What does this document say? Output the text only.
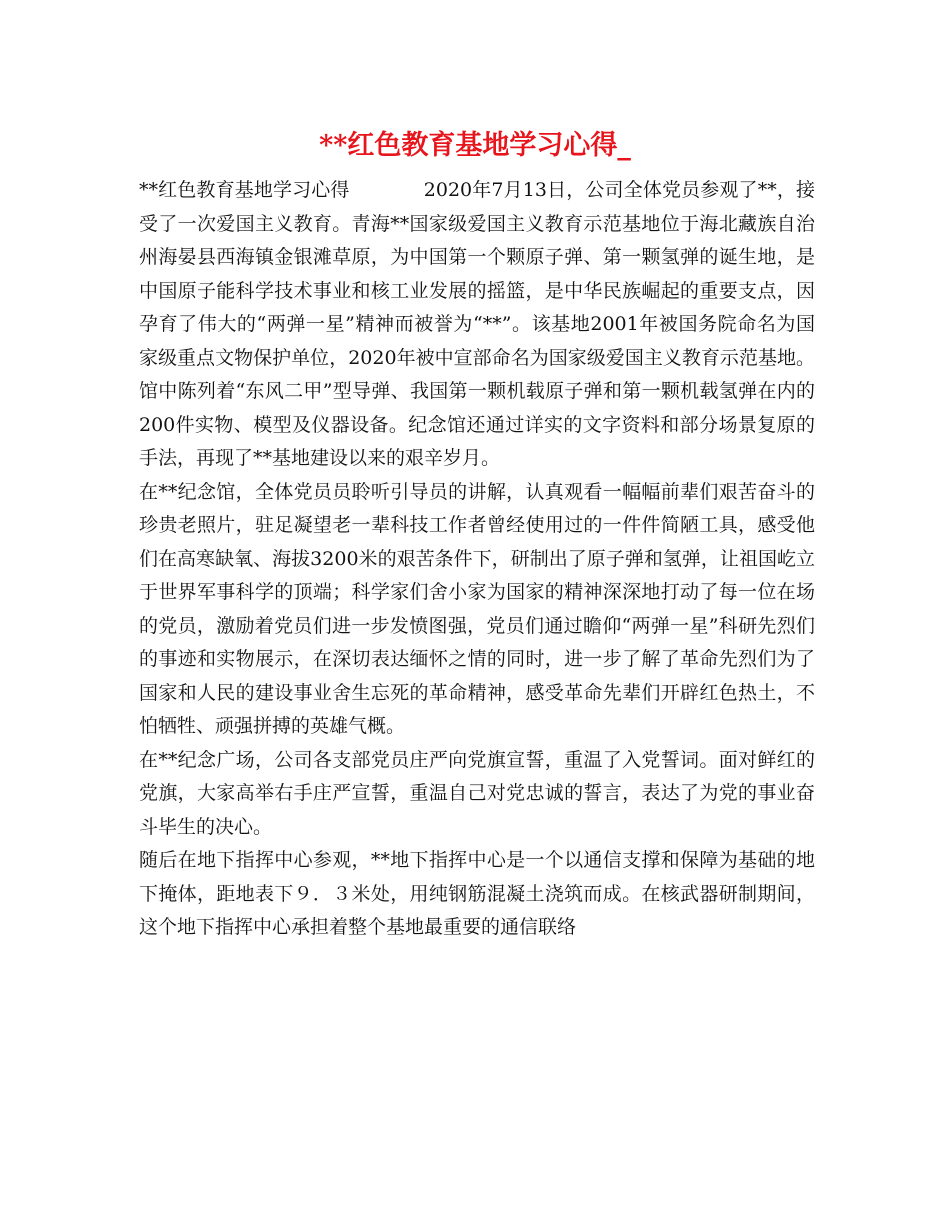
**红色教育基地学习心得_

**红色教育基地学习心得            2020年7月13日，公司全体党员参观了**，接受了一次爱国主义教育。青海**国家级爱国主义教育示范基地位于海北藏族自治州海晏县西海镇金银滩草原，为中国第一个颗原子弹、第一颗氢弹的诞生地，是中国原子能科学技术事业和核工业发展的摇篮，是中华民族崛起的重要支点，因孕育了伟大的“两弹一星”精神而被誉为“**”。该基地2001年被国务院命名为国家级重点文物保护单位，2020年被中宣部命名为国家级爱国主义教育示范基地。馆中陈列着“东风二甲”型导弹、我国第一颗机载原子弹和第一颗机载氢弹在内的200件实物、模型及仪器设备。纪念馆还通过详实的文字资料和部分场景复原的手法，再现了**基地建设以来的艰辛岁月。

在**纪念馆，全体党员员聆听引导员的讲解，认真观看一幅幅前辈们艰苦奋斗的珍贵老照片，驻足凝望老一辈科技工作者曾经使用过的一件件简陋工具，感受他们在高寒缺氧、海拔3200米的艰苦条件下，研制出了原子弹和氢弹，让祖国屹立于世界军事科学的顶端；科学家们舍小家为国家的精神深深地打动了每一位在场的党员，激励着党员们进一步发愤图强，党员们通过瞻仰“两弹一星”科研先烈们的事迹和实物展示，在深切表达缅怀之情的同时，进一步了解了革命先烈们为了国家和人民的建设事业舍生忘死的革命精神，感受革命先辈们开辟红色热土，不怕牺牲、顽强拼搏的英雄气概。

在**纪念广场，公司各支部党员庄严向党旗宣誓，重温了入党誓词。面对鲜红的党旗，大家高举右手庄严宣誓，重温自己对党忠诚的誓言，表达了为党的事业奋斗毕生的决心。

随后在地下指挥中心参观，**地下指挥中心是一个以通信支撑和保障为基础的地下掩体，距地表下９．３米处，用纯钢筋混凝土浇筑而成。在核武器研制期间，这个地下指挥中心承担着整个基地最重要的通信联络
